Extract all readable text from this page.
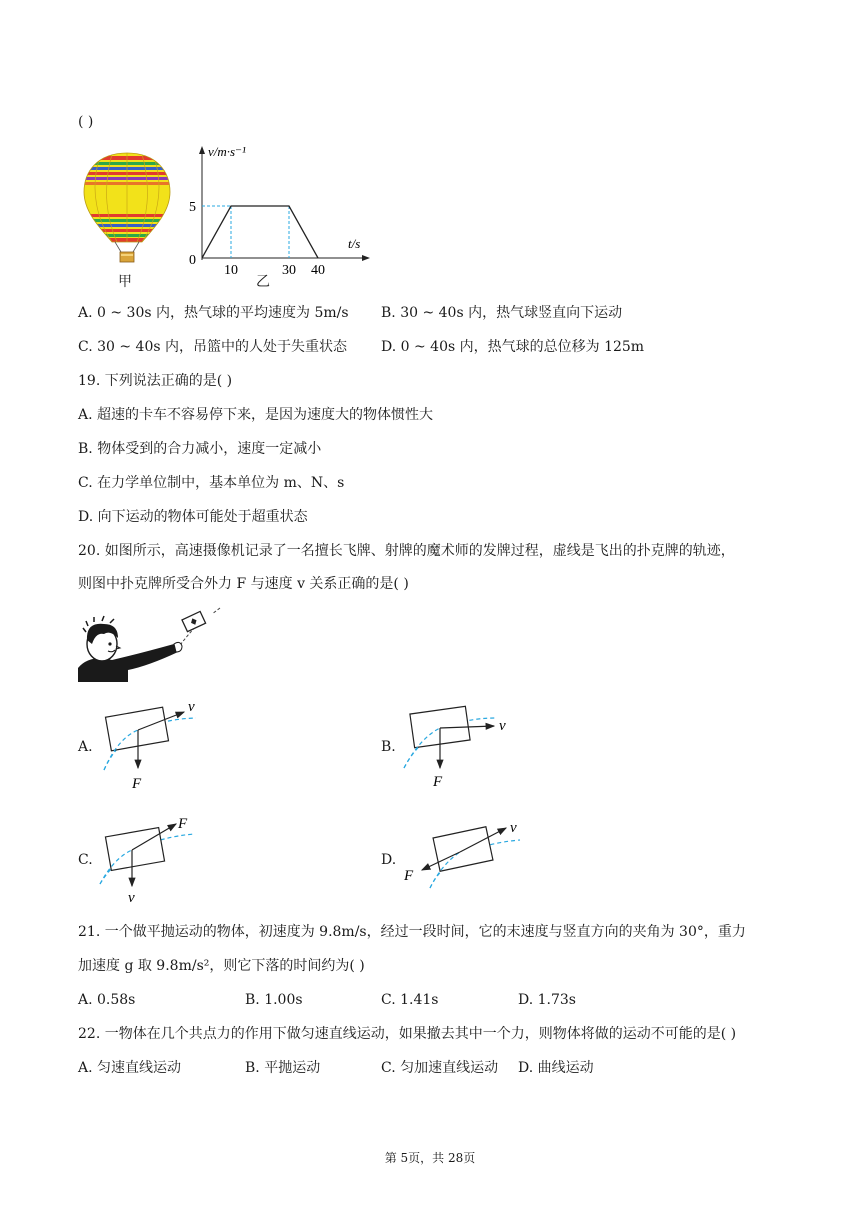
( )
甲
10	30 40
5
0
v/m·s⁻¹
t/s
乙
A. 0 ~ 30s 内，热气球的平均速度为 5m/s B. 30 ~ 40s 内，热气球竖直向下运动
C. 30 ~ 40s 内，吊篮中的人处于失重状态 D. 0 ~ 40s 内，热气球的总位移为 125m
19. 下列说法正确的是( )
A. 超速的卡车不容易停下来，是因为速度大的物体惯性大
B. 物体受到的合力减小，速度一定减小
C. 在力学单位制中，基本单位为 m、N、s
D. 向下运动的物体可能处于超重状态
20. 如图所示，高速摄像机记录了一名擅长飞牌、射牌的魔术师的发牌过程，虚线是飞出的扑克牌的轨迹，
则图中扑克牌所受合外力 F 与速度 v 关系正确的是( )
A.
v
F
B.
v
F
C.
F
v
D.
v
F
21. 一个做平抛运动的物体，初速度为 9.8m/s，经过一段时间，它的末速度与竖直方向的夹角为 30°，重力
加速度 g 取 9.8m/s²，则它下落的时间约为( )
A. 0.58s	B. 1.00s	C. 1.41s	D. 1.73s
22. 一物体在几个共点力的作用下做匀速直线运动，如果撤去其中一个力，则物体将做的运动不可能的是( )
A. 匀速直线运动	B. 平抛运动	C. 匀加速直线运动 D. 曲线运动
第 5页，共 28页
